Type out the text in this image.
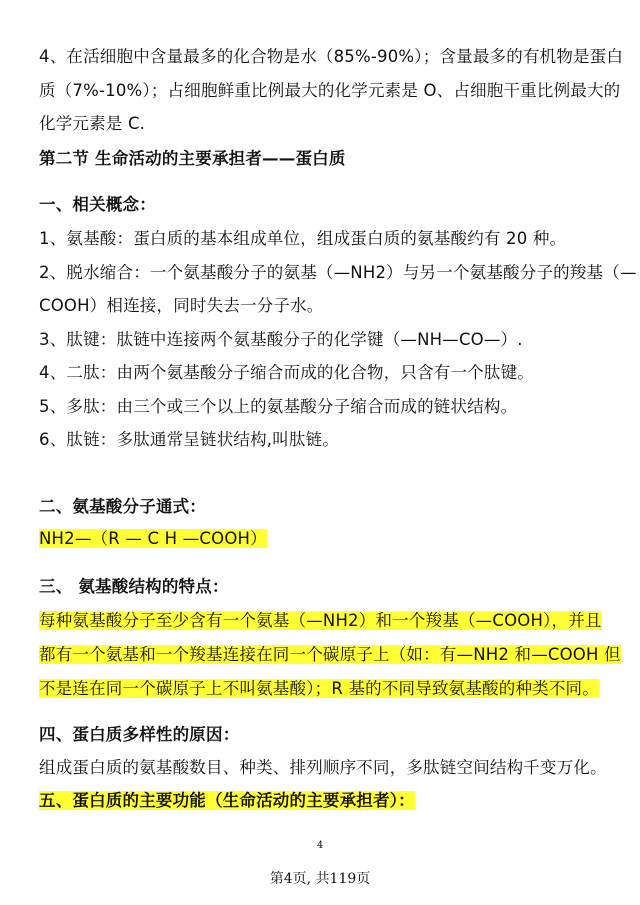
4、在活细胞中含量最多的化合物是水（85%-90%）；含量最多的有机物是蛋白
质（7%-10%）；占细胞鲜重比例最大的化学元素是 O、占细胞干重比例最大的
化学元素是 C.
第二节 生命活动的主要承担者——蛋白质
一、相关概念：
1、氨基酸：蛋白质的基本组成单位，组成蛋白质的氨基酸约有 20 种。
2、脱水缩合：一个氨基酸分子的氨基（—NH2）与另一个氨基酸分子的羧基（—
COOH）相连接，同时失去一分子水。
3、肽键：肽链中连接两个氨基酸分子的化学键（—NH—CO—）.
4、二肽：由两个氨基酸分子缩合而成的化合物，只含有一个肽键。
5、多肽：由三个或三个以上的氨基酸分子缩合而成的链状结构。
6、肽链：多肽通常呈链状结构,叫肽链。
二、氨基酸分子通式：
NH2—（R — C H —COOH）
三、 氨基酸结构的特点：
每种氨基酸分子至少含有一个氨基（—NH2）和一个羧基（—COOH），并且
都有一个氨基和一个羧基连接在同一个碳原子上（如：有—NH2 和—COOH 但
不是连在同一个碳原子上不叫氨基酸）；R 基的不同导致氨基酸的种类不同。
四、蛋白质多样性的原因：
组成蛋白质的氨基酸数目、种类、排列顺序不同，多肽链空间结构千变万化。
五、蛋白质的主要功能（生命活动的主要承担者）：
4
第4页, 共119页
